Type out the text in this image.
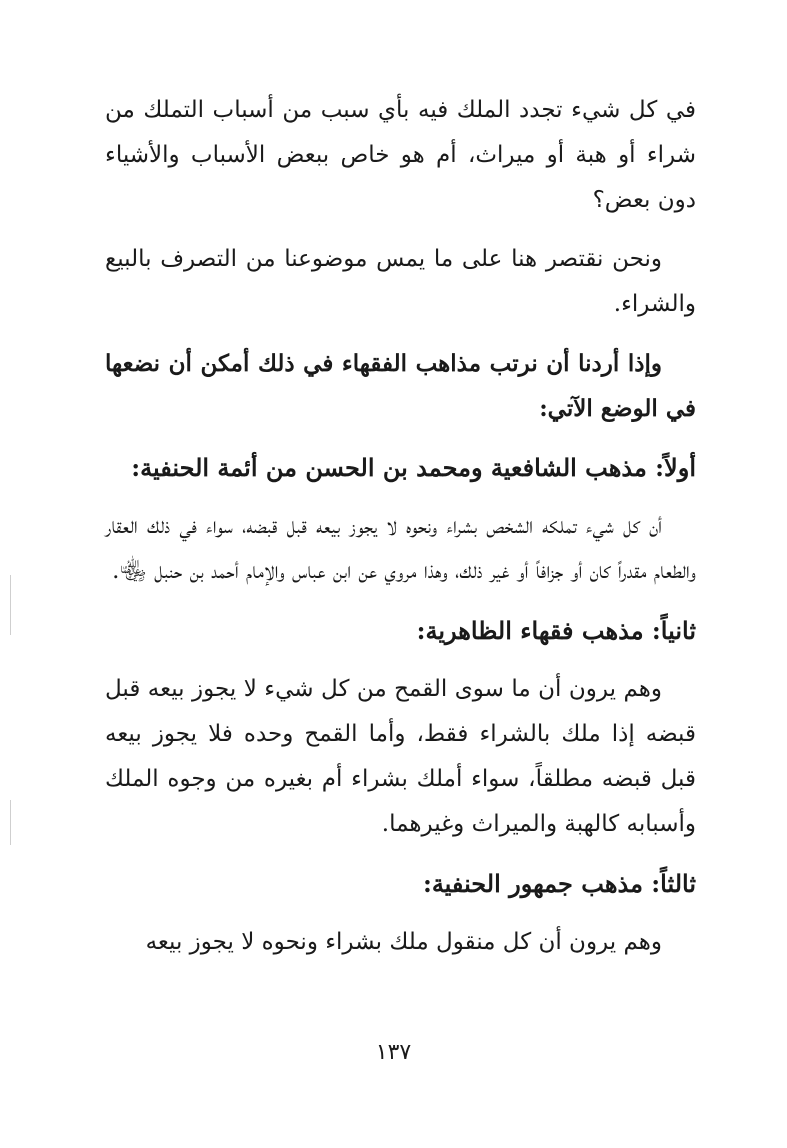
في كل شيء تجدد الملك فيه بأي سبب من أسباب التملك من شراء أو هبة أو ميراث، أم هو خاص ببعض الأسباب والأشياء دون بعض؟

ونحن نقتصر هنا على ما يمس موضوعنا من التصرف بالبيع والشراء.

وإذا أردنا أن نرتب مذاهب الفقهاء في ذلك أمكن أن نضعها في الوضع الآتي:

أولاً: مذهب الشافعية ومحمد بن الحسن من أئمة الحنفية:

أن كل شيء تملكه الشخص بشراء ونحوه لا يجوز بيعه قبل قبضه، سواء في ذلك العقار والطعام مقدراً كان أو جزافاً أو غير ذلك، وهذا مروي عن ابن عباس والإمام أحمد بن حنبل ﵄.

ثانياً: مذهب فقهاء الظاهرية:

وهم يرون أن ما سوى القمح من كل شيء لا يجوز بيعه قبل قبضه إذا ملك بالشراء فقط، وأما القمح وحده فلا يجوز بيعه قبل قبضه مطلقاً، سواء أملك بشراء أم بغيره من وجوه الملك وأسبابه كالهبة والميراث وغيرهما.

ثالثاً: مذهب جمهور الحنفية:

وهم يرون أن كل منقول ملك بشراء ونحوه لا يجوز بيعه

١٣٧
